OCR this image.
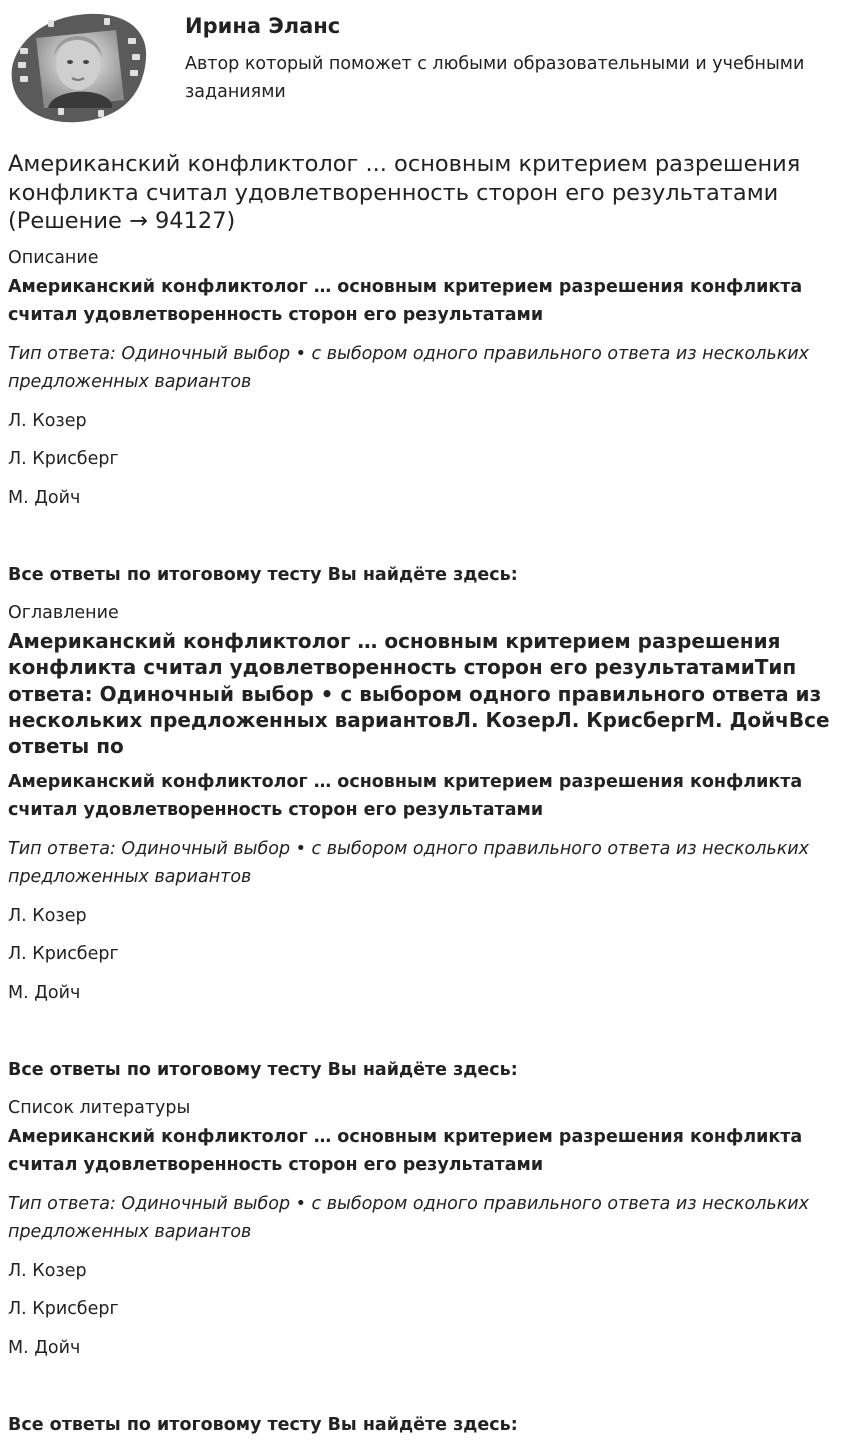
Ирина Эланс
Автор который поможет с любыми образовательными и учебными заданиями
Американский конфликтолог ... основным критерием разрешения конфликта считал удовлетворенность сторон его результатами (Решение → 94127)
Описание
Американский конфликтолог … основным критерием разрешения конфликта считал удовлетворенность сторон его результатами
Тип ответа: Одиночный выбор • с выбором одного правильного ответа из нескольких предложенных вариантов
Л. Козер
Л. Крисберг
М. Дойч
Все ответы по итоговому тесту Вы найдёте здесь:
Оглавление
Американский конфликтолог … основным критерием разрешения конфликта считал удовлетворенность сторон его результатамиТип ответа: Одиночный выбор • с выбором одного правильного ответа из нескольких предложенных вариантовЛ. КозерЛ. КрисбергМ. ДойчВсе ответы по
Американский конфликтолог … основным критерием разрешения конфликта считал удовлетворенность сторон его результатами
Тип ответа: Одиночный выбор • с выбором одного правильного ответа из нескольких предложенных вариантов
Л. Козер
Л. Крисберг
М. Дойч
Все ответы по итоговому тесту Вы найдёте здесь:
Список литературы
Американский конфликтолог … основным критерием разрешения конфликта считал удовлетворенность сторон его результатами
Тип ответа: Одиночный выбор • с выбором одного правильного ответа из нескольких предложенных вариантов
Л. Козер
Л. Крисберг
М. Дойч
Все ответы по итоговому тесту Вы найдёте здесь:
